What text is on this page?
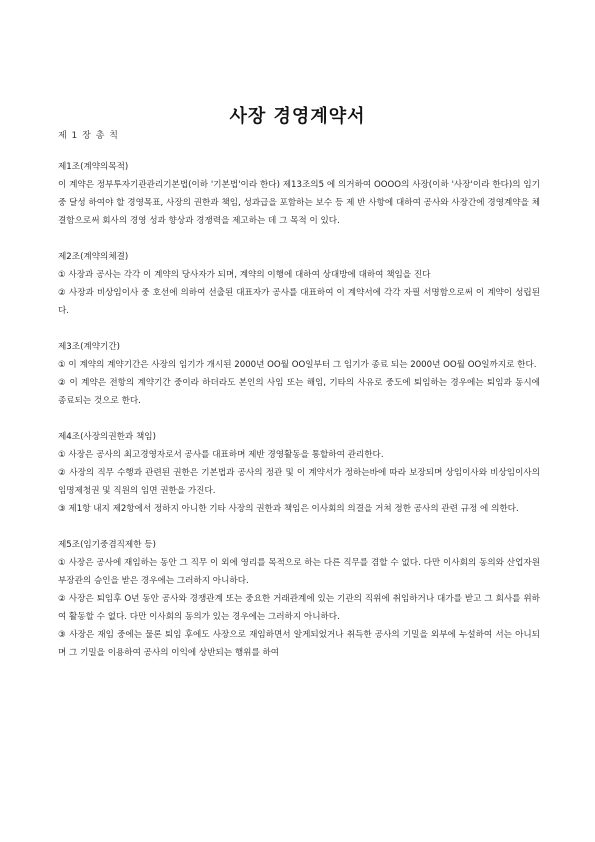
사장 경영계약서
제 1 장 총 칙

제1조(계약의목적)

이 계약은 정부투자기관관리기본법(이하 '기본법'이라 한다) 제13조의5 에 의거하여 OOOO의 사장(이하 '사장'이라 한다)의 임기중 달성 하여야 할 경영목표, 사장의 권한과 책임, 성과급을 포함하는 보수 등 제 반 사항에 대하여 공사와 사장간에 경영계약을 체결함으로써 회사의 경영 성과 향상과 경쟁력을 제고하는 데 그 목적 이 있다.

제2조(계약의체결)

① 사장과 공사는 각각 이 계약의 당사자가 되며, 계약의 이행에 대하여 상대방에 대하여 책임을 진다

② 사장과 비상임이사 중 호선에 의하여 선출된 대표자가 공사를 대표하여 이 계약서에 각각 자필 서명함으로써 이 계약이 성립된다.

제3조(계약기간)

① 이 계약의 계약기간은 사장의 임기가 개시된 2000년 OO월 OO일부터 그 임기가 종료 되는 2000년 OO월 OO일까지로 한다.

② 이 계약은 전항의 계약기간 중이라 하더라도 본인의 사임 또는 해임, 기타의 사유로 중도에 퇴임하는 경우에는 퇴임과 동시에 종료되는 것으로 한다.

제4조(사장의권한과 책임)

① 사장은 공사의 최고경영자로서 공사를 대표하며 제반 경영활동을 통할하여 관리한다.

② 사장의 직무 수행과 관련된 권한은 기본법과 공사의 정관 및 이 계약서가 정하는바에 따라 보장되며 상임이사와 비상임이사의 임명제청권 및 직원의 임면 권한을 가진다.

③ 제1항 내지 제2항에서 정하지 아니한 기타 사장의 권한과 책임은 이사회의 의결을 거쳐 정한 공사의 관련 규정 에 의한다.

제5조(임기중겸직제한 등)

① 사장은 공사에 재임하는 동안 그 직무 이 외에 영리를 목적으로 하는 다른 직무를 겸할 수 없다. 다만 이사회의 동의와 산업자원부장관의 승인을 받은 경우에는 그러하지 아니하다.

② 사장은 퇴임후 O년 동안 공사와 경쟁관계 또는 중요한 거래관계에 있는 기관의 직위에 취임하거나 대가를 받고 그 회사를 위하여 활동할 수 없다. 다만 이사회의 동의가 있는 경우에는 그러하지 아니하다.

③ 사장은 재임 중에는 물론 퇴임 후에도 사장으로 재임하면서 알게되었거나 취득한 공사의 기밀을 외부에 누설하여 서는 아니되며 그 기밀을 이용하여 공사의 이익에 상반되는 행위를 하여
